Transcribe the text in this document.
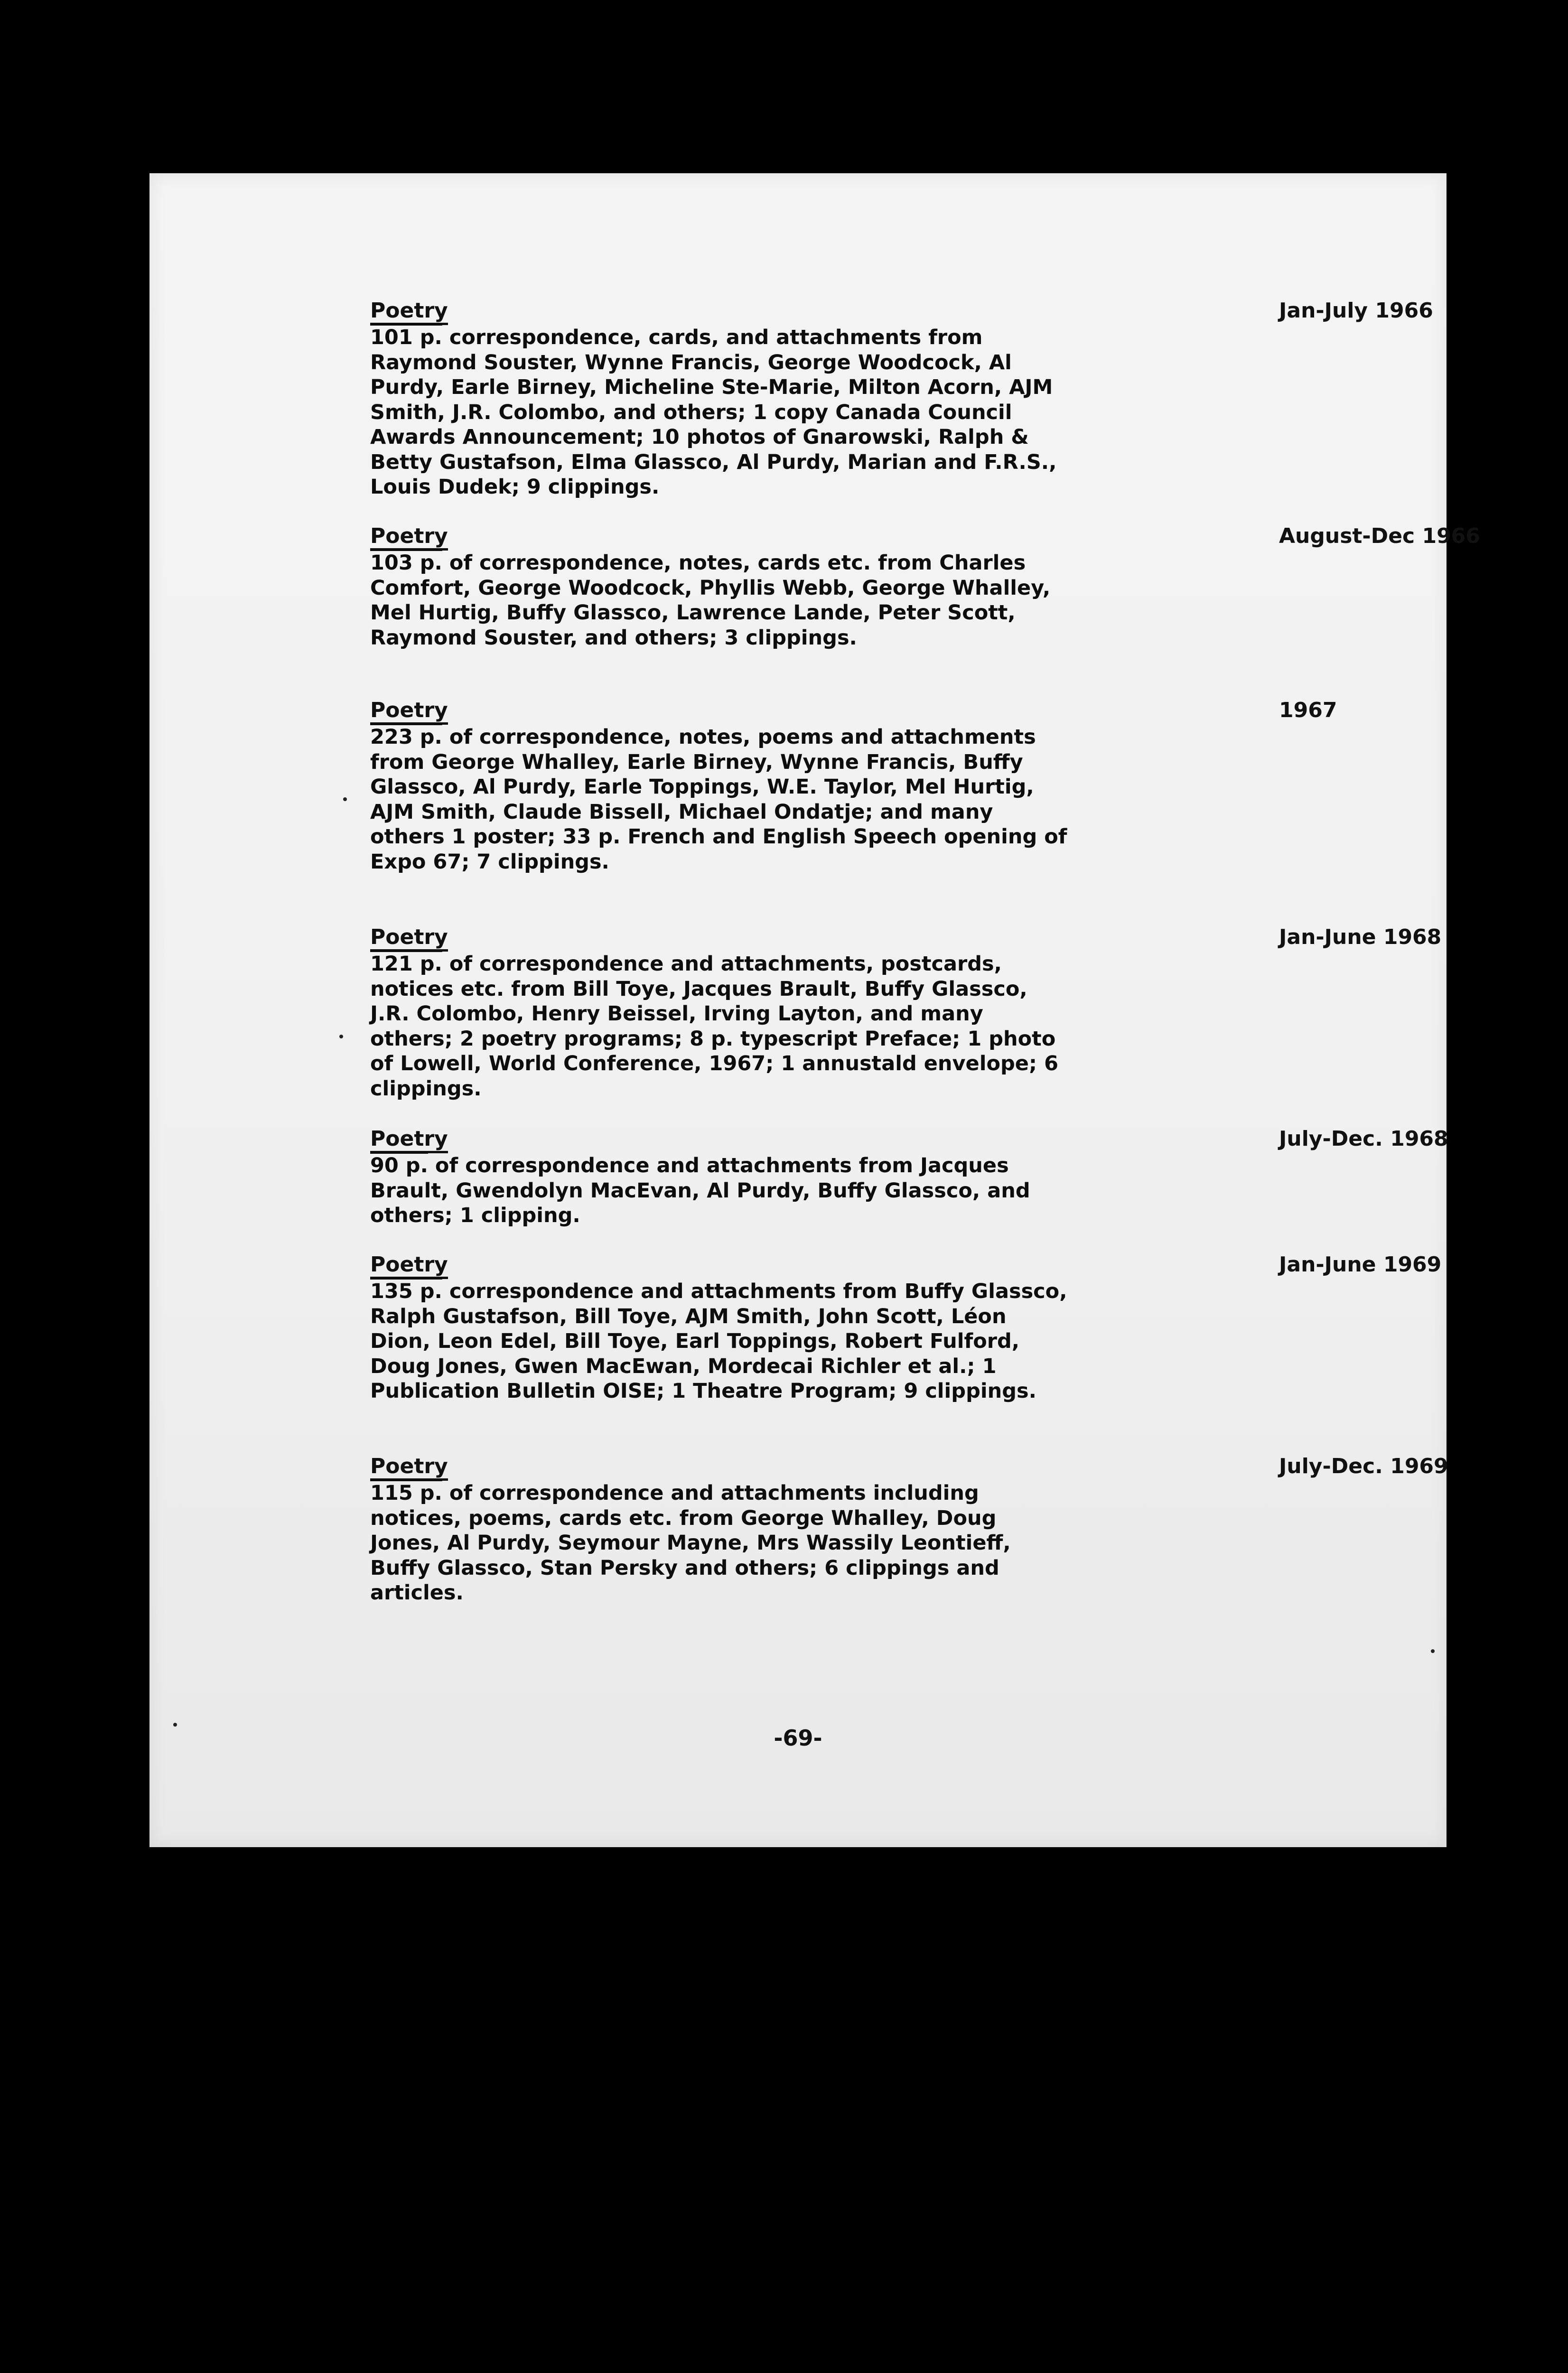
Poetry
101 p. correspondence, cards, and attachments from Raymond Souster, Wynne Francis, George Woodcock, Al Purdy, Earle Birney, Micheline Ste-Marie, Milton Acorn, AJM Smith, J.R. Colombo, and others; 1 copy Canada Council Awards Announcement; 10 photos of Gnarowski, Ralph & Betty Gustafson, Elma Glassco, Al Purdy, Marian and F.R.S., Louis Dudek; 9 clippings.
Jan-July 1966
Poetry
103 p. of correspondence, notes, cards etc. from Charles Comfort, George Woodcock, Phyllis Webb, George Whalley, Mel Hurtig, Buffy Glassco, Lawrence Lande, Peter Scott, Raymond Souster, and others; 3 clippings.
August-Dec 1966
Poetry
223 p. of correspondence, notes, poems and attachments from George Whalley, Earle Birney, Wynne Francis, Buffy Glassco, Al Purdy, Earle Toppings, W.E. Taylor, Mel Hurtig, AJM Smith, Claude Bissell, Michael Ondatje; and many others 1 poster; 33 p. French and English Speech opening of Expo 67; 7 clippings.
1967
Poetry
121 p. of correspondence and attachments, postcards, notices etc. from Bill Toye, Jacques Brault, Buffy Glassco, J.R. Colombo, Henry Beissel, Irving Layton, and many others; 2 poetry programs; 8 p. typescript Preface; 1 photo of Lowell, World Conference, 1967; 1 annustald envelope; 6 clippings.
Jan-June 1968
Poetry
90 p. of correspondence and attachments from Jacques Brault, Gwendolyn MacEvan, Al Purdy, Buffy Glassco, and others; 1 clipping.
July-Dec. 1968
Poetry
135 p. correspondence and attachments from Buffy Glassco, Ralph Gustafson, Bill Toye, AJM Smith, John Scott, Léon Dion, Leon Edel, Bill Toye, Earl Toppings, Robert Fulford, Doug Jones, Gwen MacEwan, Mordecai Richler et al.; 1 Publication Bulletin OISE; 1 Theatre Program; 9 clippings.
Jan-June 1969
Poetry
115 p. of correspondence and attachments including notices, poems, cards etc. from George Whalley, Doug Jones, Al Purdy, Seymour Mayne, Mrs Wassily Leontieff, Buffy Glassco, Stan Persky and others; 6 clippings and articles.
July-Dec. 1969
-69-
